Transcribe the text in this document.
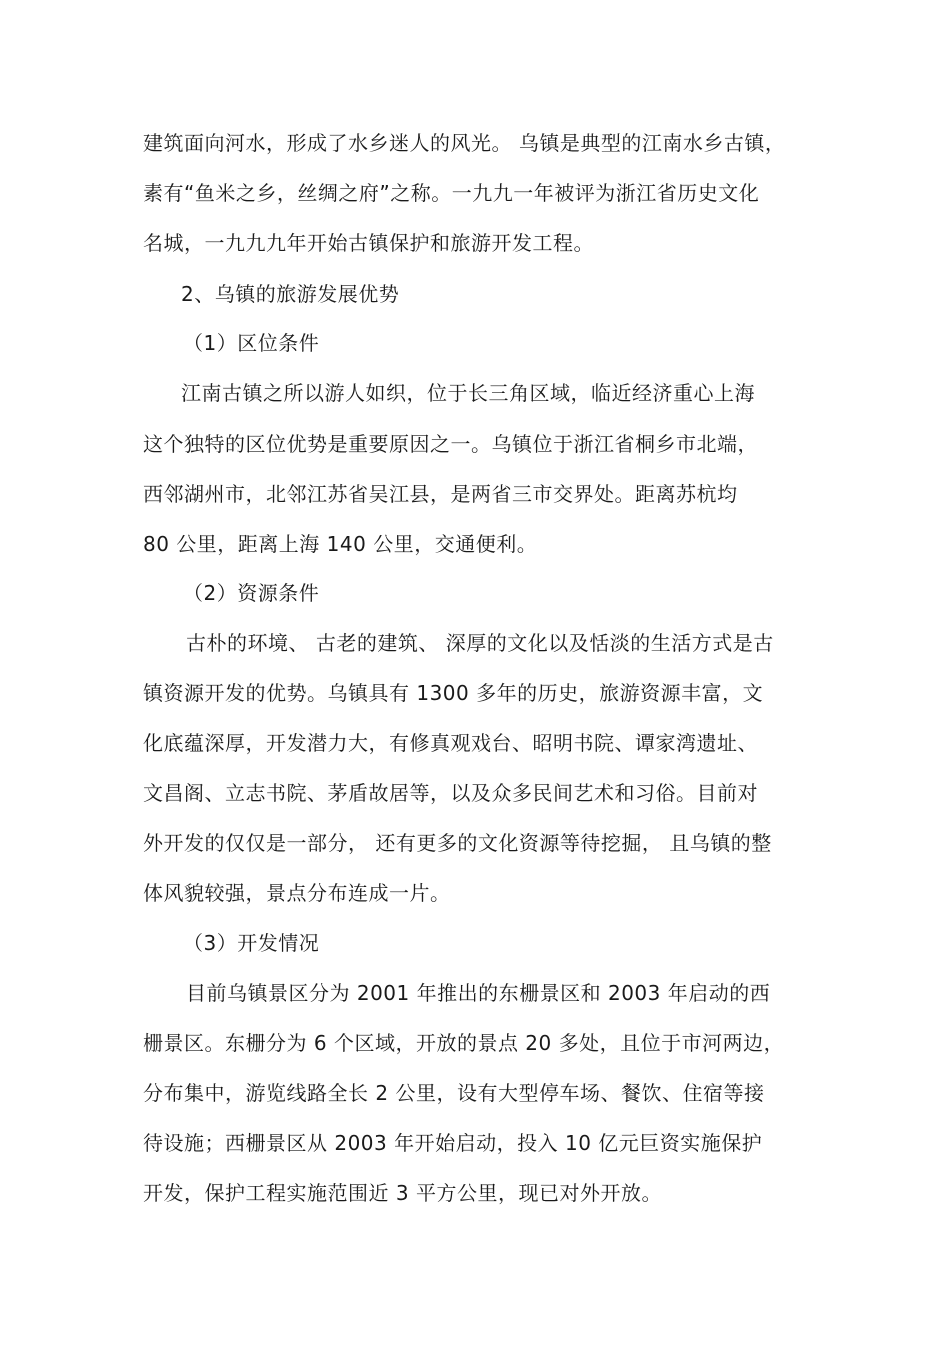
建筑面向河水，形成了水乡迷人的风光。 乌镇是典型的江南水乡古镇，
素有“鱼米之乡，丝绸之府”之称。一九九一年被评为浙江省历史文化
名城，一九九九年开始古镇保护和旅游开发工程。
2、乌镇的旅游发展优势
（1）区位条件
江南古镇之所以游人如织，位于长三角区域，临近经济重心上海
这个独特的区位优势是重要原因之一。乌镇位于浙江省桐乡市北端，
西邻湖州市，北邻江苏省吴江县，是两省三市交界处。距离苏杭均
80 公里，距离上海 140 公里，交通便利。
（2）资源条件
古朴的环境、 古老的建筑、 深厚的文化以及恬淡的生活方式是古
镇资源开发的优势。乌镇具有 1300 多年的历史，旅游资源丰富，文
化底蕴深厚，开发潜力大，有修真观戏台、昭明书院、谭家湾遗址、
文昌阁、立志书院、茅盾故居等，以及众多民间艺术和习俗。目前对
外开发的仅仅是一部分， 还有更多的文化资源等待挖掘， 且乌镇的整
体风貌较强，景点分布连成一片。
（3）开发情况
目前乌镇景区分为 2001 年推出的东栅景区和 2003 年启动的西
栅景区。东栅分为 6 个区域，开放的景点 20 多处，且位于市河两边，
分布集中，游览线路全长 2 公里，设有大型停车场、餐饮、住宿等接
待设施；西栅景区从 2003 年开始启动，投入 10 亿元巨资实施保护
开发，保护工程实施范围近 3 平方公里，现已对外开放。
